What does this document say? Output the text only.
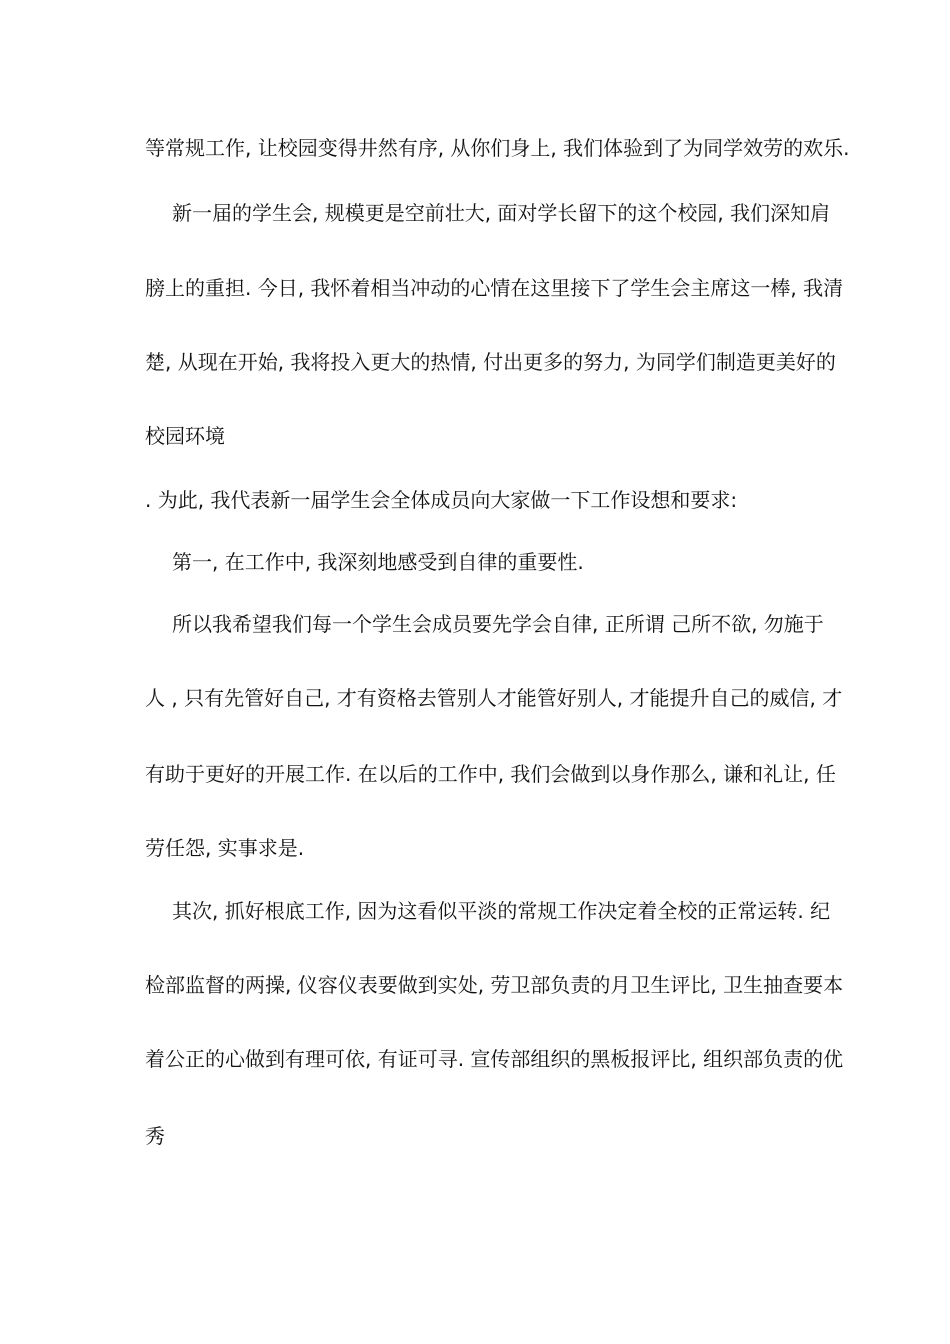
等常规工作, 让校园变得井然有序, 从你们身上, 我们体验到了为同学效劳的欢乐.
新一届的学生会, 规模更是空前壮大, 面对学长留下的这个校园, 我们深知肩
膀上的重担. 今日, 我怀着相当冲动的心情在这里接下了学生会主席这一棒, 我清
楚, 从现在开始, 我将投入更大的热情, 付出更多的努力, 为同学们制造更美好的
校园环境
. 为此, 我代表新一届学生会全体成员向大家做一下工作设想和要求:
第一, 在工作中, 我深刻地感受到自律的重要性.
所以我希望我们每一个学生会成员要先学会自律, 正所谓 己所不欲, 勿施于
人 , 只有先管好自己, 才有资格去管别人才能管好别人, 才能提升自己的威信, 才
有助于更好的开展工作. 在以后的工作中, 我们会做到以身作那么, 谦和礼让, 任
劳任怨, 实事求是.
其次, 抓好根底工作, 因为这看似平淡的常规工作决定着全校的正常运转. 纪
检部监督的两操, 仪容仪表要做到实处, 劳卫部负责的月卫生评比, 卫生抽查要本
着公正的心做到有理可依, 有证可寻. 宣传部组织的黑板报评比, 组织部负责的优
秀
